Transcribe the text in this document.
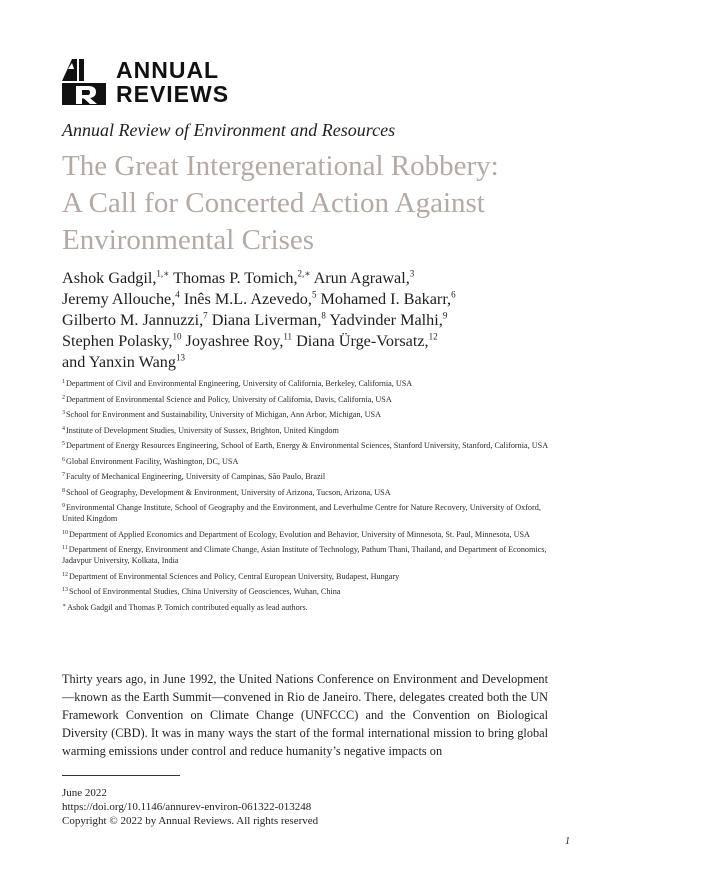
ANNUAL
REVIEWS
Annual Review of Environment and Resources
The Great Intergenerational Robbery:
A Call for Concerted Action Against
Environmental Crises
Ashok Gadgil,$^{1,∗}$ Thomas P. Tomich,$^{2,∗}$ Arun Agrawal,$^3$
Jeremy Allouche,$^4$ Inês M.L. Azevedo,$^5$ Mohamed I. Bakarr,$^6$
Gilberto M. Jannuzzi,$^7$ Diana Liverman,$^8$ Yadvinder Malhi,$^9$
Stephen Polasky,$^{10}$ Joyashree Roy,$^{11}$ Diana Ürge-Vorsatz,$^{12}$
and Yanxin Wang$^{13}$
$^1$Department of Civil and Environmental Engineering, University of California, Berkeley, California, USA
$^2$Department of Environmental Science and Policy, University of California, Davis, California, USA
$^3$School for Environment and Sustainability, University of Michigan, Ann Arbor, Michigan, USA
$^4$Institute of Development Studies, University of Sussex, Brighton, United Kingdom
$^5$Department of Energy Resources Engineering, School of Earth, Energy & Environmental Sciences, Stanford University, Stanford, California, USA
$^6$Global Environment Facility, Washington, DC, USA
$^7$Faculty of Mechanical Engineering, University of Campinas, São Paulo, Brazil
$^8$School of Geography, Development & Environment, University of Arizona, Tucson, Arizona, USA
$^9$Environmental Change Institute, School of Geography and the Environment, and Leverhulme Centre for Nature Recovery, University of Oxford, United Kingdom
$^{10}$Department of Applied Economics and Department of Ecology, Evolution and Behavior, University of Minnesota, St. Paul, Minnesota, USA
$^{11}$Department of Energy, Environment and Climate Change, Asian Institute of Technology, Pathum Thani, Thailand, and Department of Economics, Jadavpur University, Kolkata, India
$^{12}$Department of Environmental Sciences and Policy, Central European University, Budapest, Hungary
$^{13}$School of Environmental Studies, China University of Geosciences, Wuhan, China
∗Ashok Gadgil and Thomas P. Tomich contributed equally as lead authors.

Thirty years ago, in June 1992, the United Nations Conference on Environment and Development—known as the Earth Summit—convened in Rio de Janeiro. There, delegates created both the UN Framework Convention on Climate Change (UNFCCC) and the Convention on Biological Diversity (CBD). It was in many ways the start of the formal international mission to bring global warming emissions under control and reduce humanity’s negative impacts on

June 2022
https://doi.org/10.1146/annurev-environ-061322-013248
Copyright © 2022 by Annual Reviews. All rights reserved
1
